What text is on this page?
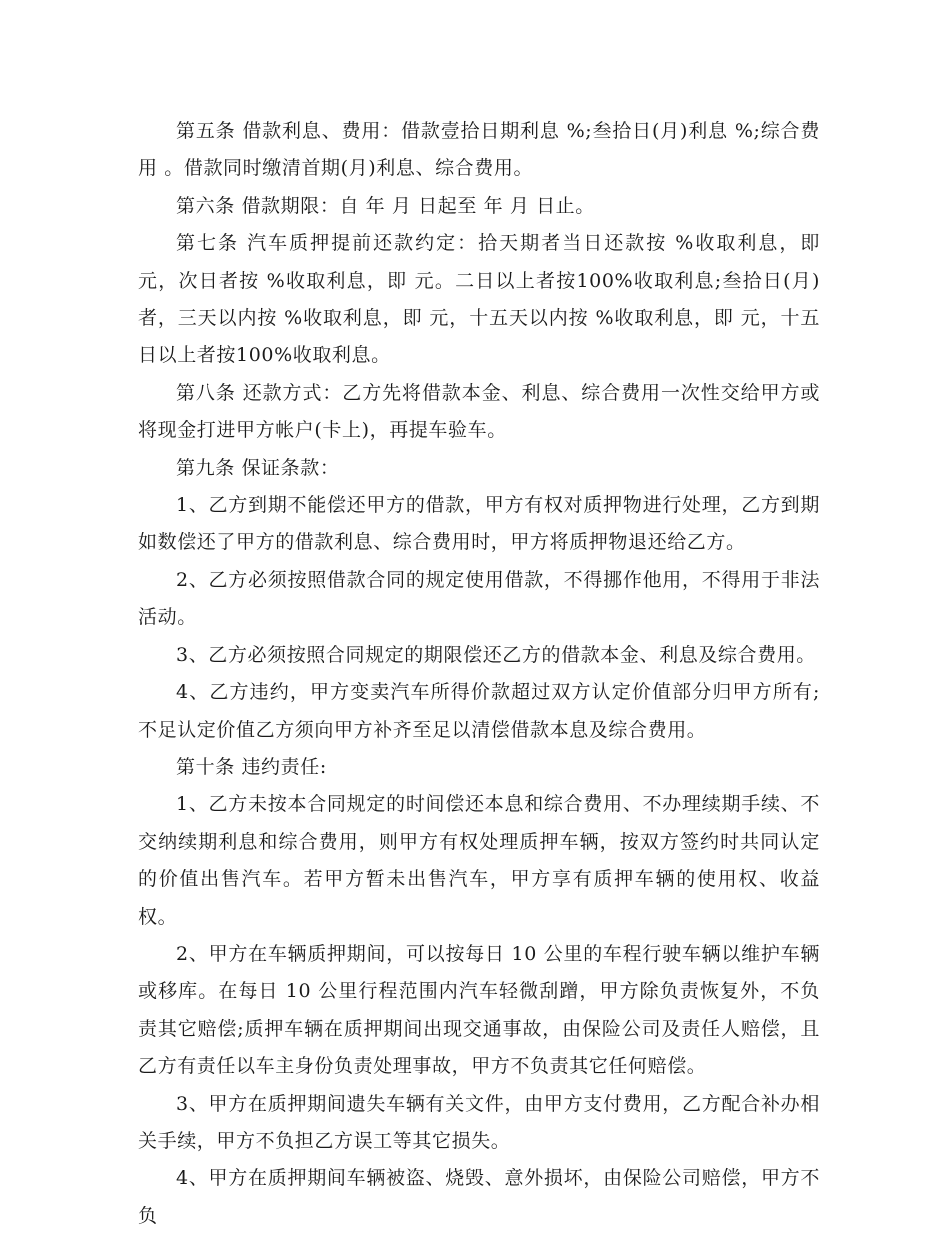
第五条 借款利息、费用：借款壹拾日期利息 %;叁拾日(月)利息 %;综合费用 。借款同时缴清首期(月)利息、综合费用。

第六条 借款期限：自 年 月 日起至 年 月 日止。

第七条 汽车质押提前还款约定：拾天期者当日还款按 %收取利息，即 元，次日者按 %收取利息，即 元。二日以上者按100%收取利息;叁拾日(月)者，三天以内按 %收取利息，即 元，十五天以内按 %收取利息，即 元，十五日以上者按100%收取利息。

第八条 还款方式：乙方先将借款本金、利息、综合费用一次性交给甲方或将现金打进甲方帐户(卡上)，再提车验车。

第九条 保证条款：

1、乙方到期不能偿还甲方的借款，甲方有权对质押物进行处理，乙方到期如数偿还了甲方的借款利息、综合费用时，甲方将质押物退还给乙方。

2、乙方必须按照借款合同的规定使用借款，不得挪作他用，不得用于非法活动。

3、乙方必须按照合同规定的期限偿还乙方的借款本金、利息及综合费用。

4、乙方违约，甲方变卖汽车所得价款超过双方认定价值部分归甲方所有;不足认定价值乙方须向甲方补齐至足以清偿借款本息及综合费用。

第十条 违约责任:

1、乙方未按本合同规定的时间偿还本息和综合费用、不办理续期手续、不交纳续期利息和综合费用，则甲方有权处理质押车辆，按双方签约时共同认定的价值出售汽车。若甲方暂未出售汽车，甲方享有质押车辆的使用权、收益权。

2、甲方在车辆质押期间，可以按每日 10 公里的车程行驶车辆以维护车辆或移库。在每日 10 公里行程范围内汽车轻微刮蹭，甲方除负责恢复外，不负责其它赔偿;质押车辆在质押期间出现交通事故，由保险公司及责任人赔偿，且乙方有责任以车主身份负责处理事故，甲方不负责其它任何赔偿。

3、甲方在质押期间遗失车辆有关文件，由甲方支付费用，乙方配合补办相关手续，甲方不负担乙方误工等其它损失。

4、甲方在质押期间车辆被盗、烧毁、意外损坏，由保险公司赔偿，甲方不负
